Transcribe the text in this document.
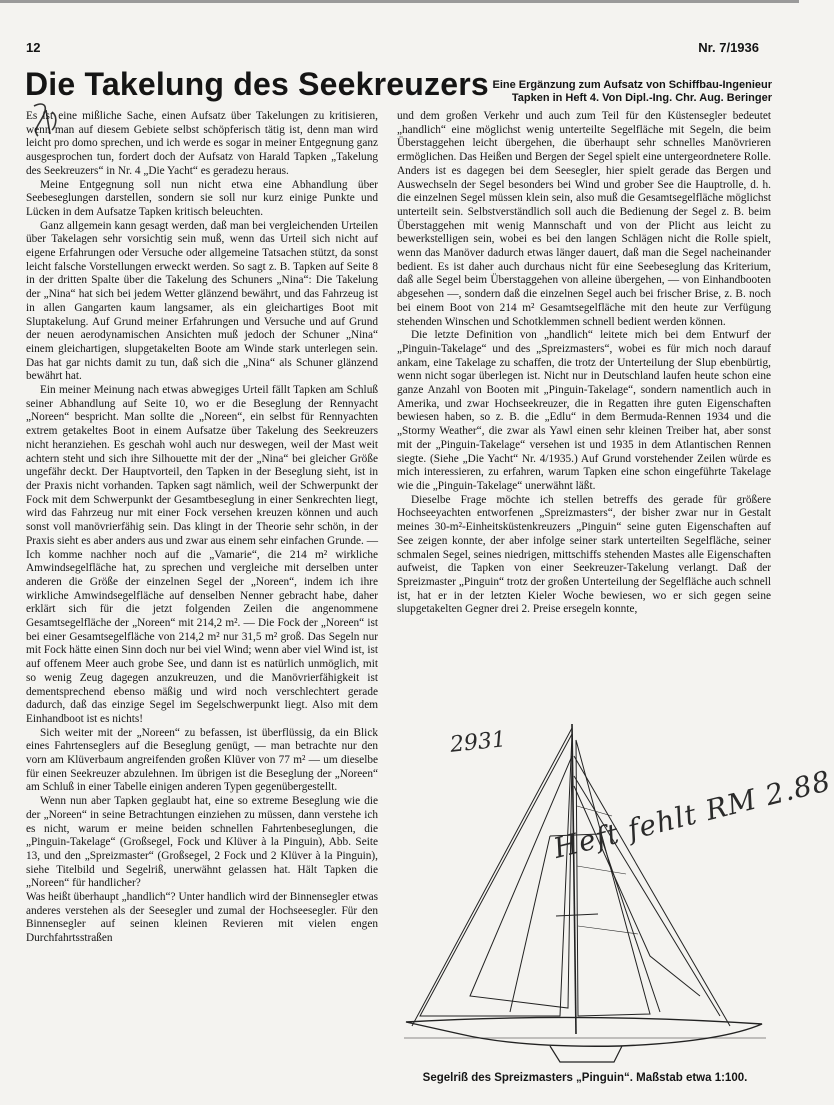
12	Nr. 7/1936
Die Takelung des Seekreuzers Eine Ergänzung zum Aufsatz von Schiffbau-Ingenieur
Tapken in Heft 4. Von Dipl.-Ing. Chr. Aug. Beringer

Es ist eine mißliche Sache, einen Aufsatz über Takelungen zu kritisieren, wenn man auf diesem Gebiete selbst schöpferisch tätig ist, denn man wird leicht pro domo sprechen, und ich werde es sogar in meiner Entgegnung ganz ausgesprochen tun, fordert doch der Aufsatz von Harald Tapken „Takelung des Seekreuzers“ in Nr. 4 „Die Yacht“ es geradezu heraus.

Meine Entgegnung soll nun nicht etwa eine Abhandlung über Seebeseglungen darstellen, sondern sie soll nur kurz einige Punkte und Lücken in dem Aufsatze Tapken kritisch beleuchten.

Ganz allgemein kann gesagt werden, daß man bei vergleichenden Urteilen über Takelagen sehr vorsichtig sein muß, wenn das Urteil sich nicht auf eigene Erfahrungen oder Versuche oder allgemeine Tatsachen stützt, da sonst leicht falsche Vorstellungen erweckt werden. So sagt z. B. Tapken auf Seite 8 in der dritten Spalte über die Takelung des Schuners „Nina“: Die Takelung der „Nina“ hat sich bei jedem Wetter glänzend bewährt, und das Fahrzeug ist in allen Gangarten kaum langsamer, als ein gleichartiges Boot mit Sluptakelung. Auf Grund meiner Erfahrungen und Versuche und auf Grund der neuen aerodynamischen Ansichten muß jedoch der Schuner „Nina“ einem gleichartigen, slupgetakelten Boote am Winde stark unterlegen sein. Das hat gar nichts damit zu tun, daß sich die „Nina“ als Schuner glänzend bewährt hat.

Ein meiner Meinung nach etwas abwegiges Urteil fällt Tapken am Schluß seiner Abhandlung auf Seite 10, wo er die Beseglung der Rennyacht „Noreen“ bespricht. Man sollte die „Noreen“, ein selbst für Rennyachten extrem getakeltes Boot in einem Aufsatze über Takelung des Seekreuzers nicht heranziehen. Es geschah wohl auch nur deswegen, weil der Mast weit achtern steht und sich ihre Silhouette mit der der „Nina“ bei gleicher Größe ungefähr deckt. Der Hauptvorteil, den Tapken in der Beseglung sieht, ist in der Praxis nicht vorhanden. Tapken sagt nämlich, weil der Schwerpunkt der Fock mit dem Schwerpunkt der Gesamtbeseglung in einer Senkrechten liegt, wird das Fahrzeug nur mit einer Fock versehen kreuzen können und auch sonst voll manövrierfähig sein. Das klingt in der Theorie sehr schön, in der Praxis sieht es aber anders aus und zwar aus einem sehr einfachen Grunde. — Ich komme nachher noch auf die „Vamarie“, die 214 m² wirkliche Amwindsegelfläche hat, zu sprechen und vergleiche mit derselben unter anderen die Größe der einzelnen Segel der „Noreen“, indem ich ihre wirkliche Amwindsegelfläche auf denselben Nenner gebracht habe, daher erklärt sich für die jetzt folgenden Zeilen die angenommene Gesamtsegelfläche der „Noreen“ mit 214,2 m². — Die Fock der „Noreen“ ist bei einer Gesamtsegelfläche von 214,2 m² nur 31,5 m² groß. Das Segeln nur mit Fock hätte einen Sinn doch nur bei viel Wind; wenn aber viel Wind ist, ist auf offenem Meer auch grobe See, und dann ist es natürlich unmöglich, mit so wenig Zeug dagegen anzukreuzen, und die Manövrierfähigkeit ist dementsprechend ebenso mäßig und wird noch verschlechtert gerade dadurch, daß das einzige Segel im Segelschwerpunkt liegt. Also mit dem Einhandboot ist es nichts!

Sich weiter mit der „Noreen“ zu befassen, ist überflüssig, da ein Blick eines Fahrtenseglers auf die Beseglung genügt, — man betrachte nur den vorn am Klüverbaum angreifenden großen Klüver von 77 m² — um dieselbe für einen Seekreuzer abzulehnen. Im übrigen ist die Beseglung der „Noreen“ am Schluß in einer Tabelle einigen anderen Typen gegenübergestellt.

Wenn nun aber Tapken geglaubt hat, eine so extreme Beseglung wie die der „Noreen“ in seine Betrachtungen einziehen zu müssen, dann verstehe ich es nicht, warum er meine beiden schnellen Fahrtenbeseglungen, die „Pinguin-Takelage“ (Großsegel, Fock und Klüver à la Pinguin), Abb. Seite 13, und den „Spreizmaster“ (Großsegel, 2 Fock und 2 Klüver à la Pinguin), siehe Titelbild und Segelriß, unerwähnt gelassen hat. Hält Tapken die „Noreen“ für handlicher?

Was heißt überhaupt „handlich“? Unter handlich wird der Binnensegler etwas anderes verstehen als der Seesegler und zumal der Hochseesegler. Für den Binnensegler auf seinen kleinen Revieren mit vielen engen Durchfahrtsstraßen

und dem großen Verkehr und auch zum Teil für den Küstensegler bedeutet „handlich“ eine möglichst wenig unterteilte Segelfläche mit Segeln, die beim Überstaggehen leicht übergehen, die überhaupt sehr schnelles Manövrieren ermöglichen. Das Heißen und Bergen der Segel spielt eine untergeordnetere Rolle. Anders ist es dagegen bei dem Seesegler, hier spielt gerade das Bergen und Auswechseln der Segel besonders bei Wind und grober See die Hauptrolle, d. h. die einzelnen Segel müssen klein sein, also muß die Gesamtsegelfläche möglichst unterteilt sein. Selbstverständlich soll auch die Bedienung der Segel z. B. beim Überstaggehen mit wenig Mannschaft und von der Plicht aus leicht zu bewerkstelligen sein, wobei es bei den langen Schlägen nicht die Rolle spielt, wenn das Manöver dadurch etwas länger dauert, daß man die Segel nacheinander bedient. Es ist daher auch durchaus nicht für eine Seebeseglung das Kriterium, daß alle Segel beim Überstaggehen von alleine übergehen, — von Einhandbooten abgesehen —, sondern daß die einzelnen Segel auch bei frischer Brise, z. B. noch bei einem Boot von 214 m² Gesamtsegelfläche mit den heute zur Verfügung stehenden Winschen und Schotklemmen schnell bedient werden können.

Die letzte Definition von „handlich“ leitete mich bei dem Entwurf der „Pinguin-Takelage“ und des „Spreizmasters“, wobei es für mich noch darauf ankam, eine Takelage zu schaffen, die trotz der Unterteilung der Slup ebenbürtig, wenn nicht sogar überlegen ist. Nicht nur in Deutschland laufen heute schon eine ganze Anzahl von Booten mit „Pinguin-Takelage“, sondern namentlich auch in Amerika, und zwar Hochseekreuzer, die in Regatten ihre guten Eigenschaften bewiesen haben, so z. B. die „Edlu“ in dem Bermuda-Rennen 1934 und die „Stormy Weather“, die zwar als Yawl einen sehr kleinen Treiber hat, aber sonst mit der „Pinguin-Takelage“ versehen ist und 1935 in dem Atlantischen Rennen siegte. (Siehe „Die Yacht“ Nr. 4/1935.) Auf Grund vorstehender Zeilen würde es mich interessieren, zu erfahren, warum Tapken eine schon eingeführte Takelage wie die „Pinguin-Takelage“ unerwähnt läßt.

Dieselbe Frage möchte ich stellen betreffs des gerade für größere Hochseeyachten entworfenen „Spreizmasters“, der bisher zwar nur in Gestalt meines 30-m²-Einheitsküstenkreuzers „Pinguin“ seine guten Eigenschaften auf See zeigen konnte, der aber infolge seiner stark unterteilten Segelfläche, seiner schmalen Segel, seines niedrigen, mittschiffs stehenden Mastes alle Eigenschaften aufweist, die Tapken von einer Seekreuzer-Takelung verlangt. Daß der Spreizmaster „Pinguin“ trotz der großen Unterteilung der Segelfläche auch schnell ist, hat er in der letzten Kieler Woche bewiesen, wo er sich gegen seine slupgetakelten Gegner drei 2. Preise ersegeln konnte,

2931
Heft fehlt RM 2.88
Segelriß des Spreizmasters „Pinguin“. Maßstab etwa 1:100.
